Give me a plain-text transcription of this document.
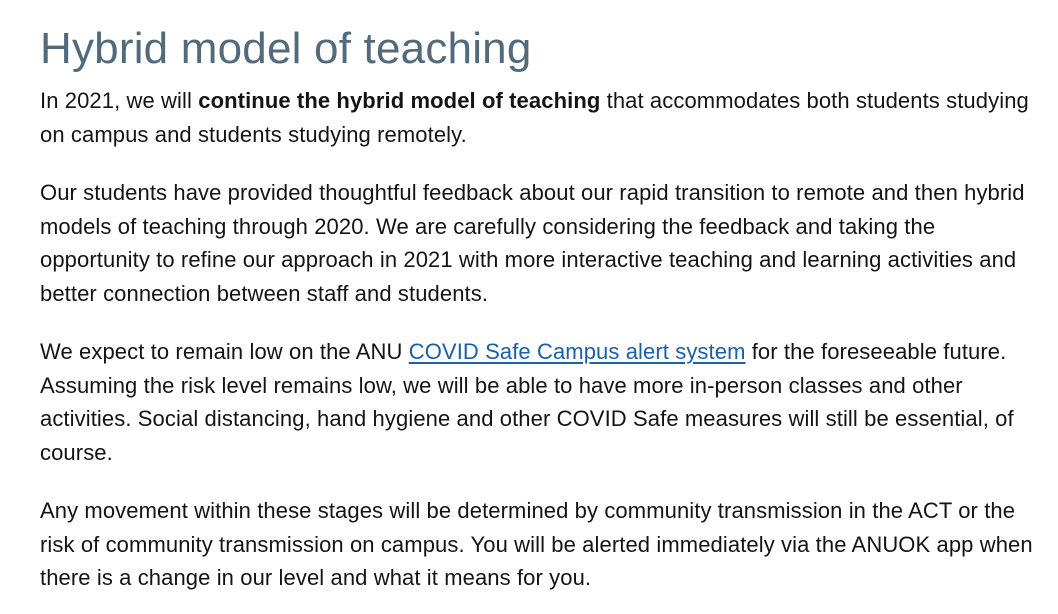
Hybrid model of teaching

In 2021, we will continue the hybrid model of teaching that accommodates both students studying on campus and students studying remotely.

Our students have provided thoughtful feedback about our rapid transition to remote and then hybrid models of teaching through 2020. We are carefully considering the feedback and taking the opportunity to refine our approach in 2021 with more interactive teaching and learning activities and better connection between staff and students.

We expect to remain low on the ANU COVID Safe Campus alert system for the foreseeable future. Assuming the risk level remains low, we will be able to have more in-person classes and other activities. Social distancing, hand hygiene and other COVID Safe measures will still be essential, of course.

Any movement within these stages will be determined by community transmission in the ACT or the risk of community transmission on campus. You will be alerted immediately via the ANUOK app when there is a change in our level and what it means for you.
